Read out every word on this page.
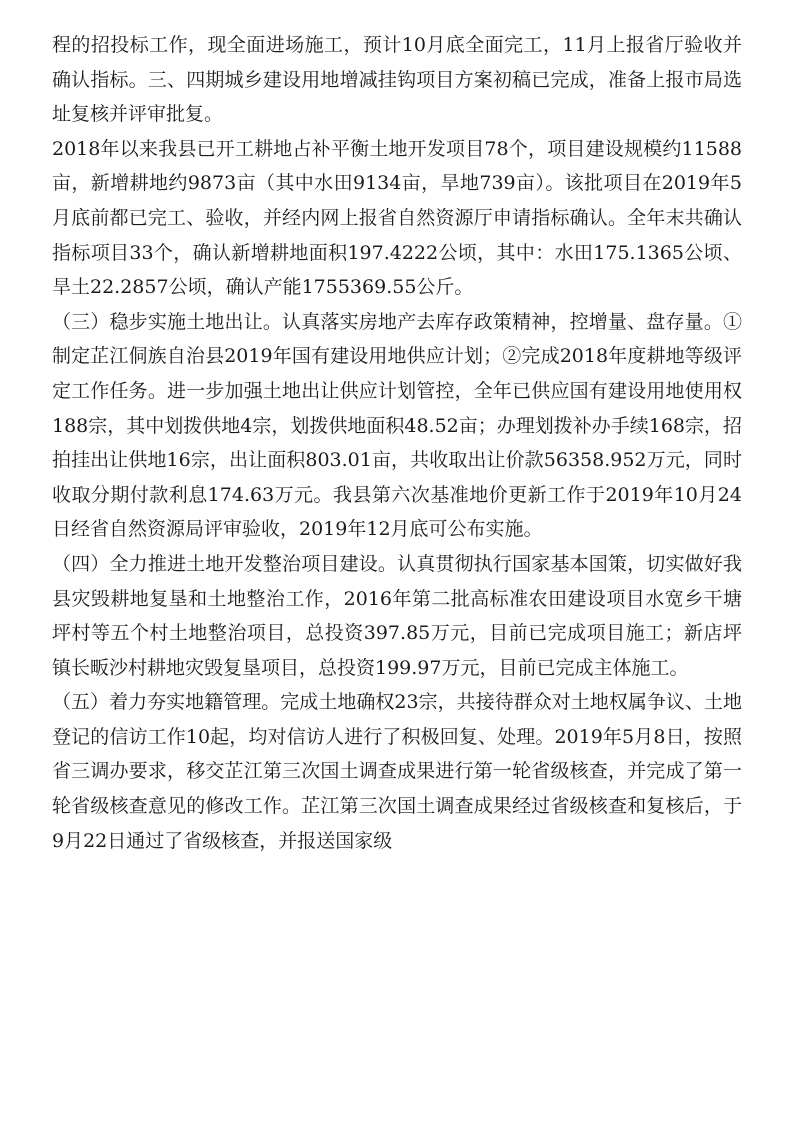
程的招投标工作，现全面进场施工，预计10月底全面完工，11月上报省厅验收并确认指标。三、四期城乡建设用地增减挂钩项目方案初稿已完成，准备上报市局选址复核并评审批复。

2018年以来我县已开工耕地占补平衡土地开发项目78个，项目建设规模约11588亩，新增耕地约9873亩（其中水田9134亩，旱地739亩）。该批项目在2019年5月底前都已完工、验收，并经内网上报省自然资源厅申请指标确认。全年末共确认指标项目33个，确认新增耕地面积197.4222公顷，其中：水田175.1365公顷、旱土22.2857公顷，确认产能1755369.55公斤。

（三）稳步实施土地出让。认真落实房地产去库存政策精神，控增量、盘存量。①制定芷江侗族自治县2019年国有建设用地供应计划；②完成2018年度耕地等级评定工作任务。进一步加强土地出让供应计划管控，全年已供应国有建设用地使用权188宗，其中划拨供地4宗，划拨供地面积48.52亩；办理划拨补办手续168宗，招拍挂出让供地16宗，出让面积803.01亩，共收取出让价款56358.952万元，同时收取分期付款利息174.63万元。我县第六次基准地价更新工作于2019年10月24日经省自然资源局评审验收，2019年12月底可公布实施。

（四）全力推进土地开发整治项目建设。认真贯彻执行国家基本国策，切实做好我县灾毁耕地复垦和土地整治工作，2016年第二批高标准农田建设项目水宽乡干塘坪村等五个村土地整治项目，总投资397.85万元，目前已完成项目施工；新店坪镇长畈沙村耕地灾毁复垦项目，总投资199.97万元，目前已完成主体施工。

（五）着力夯实地籍管理。完成土地确权23宗，共接待群众对土地权属争议、土地登记的信访工作10起，均对信访人进行了积极回复、处理。2019年5月8日，按照省三调办要求，移交芷江第三次国土调查成果进行第一轮省级核查，并完成了第一轮省级核查意见的修改工作。芷江第三次国土调查成果经过省级核查和复核后，于9月22日通过了省级核查，并报送国家级
